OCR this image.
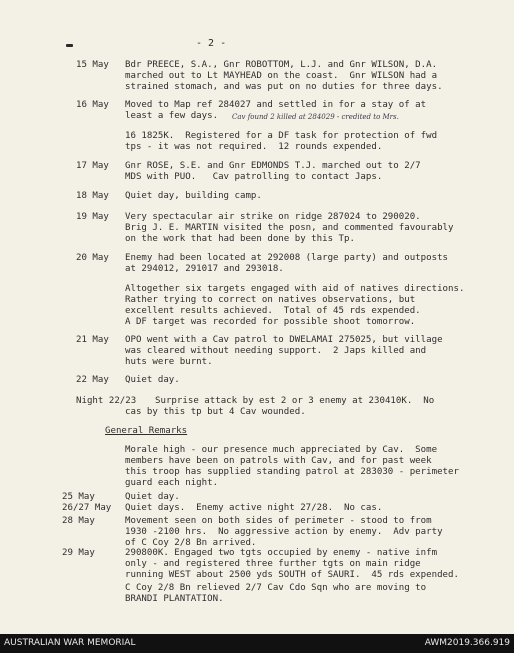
- 2 -
15 May Bdr PREECE, S.A., Gnr ROBOTTOM, L.J. and Gnr WILSON, D.A.
marched out to Lt MAYHEAD on the coast.  Gnr WILSON had a
strained stomach, and was put on no duties for three days.
16 May Moved to Map ref 284027 and settled in for a stay of at
least a few days. Cav found 2 killed at 284029 - credited to Mrs.
16 1825K.  Registered for a DF task for protection of fwd
tps - it was not required.  12 rounds expended.
17 May Gnr ROSE, S.E. and Gnr EDMONDS T.J. marched out to 2/7
MDS with PUO.   Cav patrolling to contact Japs.
18 May Quiet day, building camp.
19 May Very spectacular air strike on ridge 287024 to 290020.
Brig J. E. MARTIN visited the posn, and commented favourably
on the work that had been done by this Tp.
20 May Enemy had been located at 292008 (large party) and outposts
at 294012, 291017 and 293018.
Altogether six targets engaged with aid of natives directions.
Rather trying to correct on natives observations, but
excellent results achieved.  Total of 45 rds expended.
A DF target was recorded for possible shoot tomorrow.
21 May OPO went with a Cav patrol to DWELAMAI 275025, but village
was cleared without needing support.  2 Japs killed and
huts were burnt.
22 May Quiet day.
Night 22/23 Surprise attack by est 2 or 3 enemy at 230410K.  No
cas by this tp but 4 Cav wounded.
General Remarks
Morale high - our presence much appreciated by Cav.  Some
members have been on patrols with Cav, and for past week
this troop has supplied standing patrol at 283030 - perimeter
guard each night.
25 May	Quiet day.
26/27 May Quiet days.  Enemy active night 27/28.  No cas.
28 May	Movement seen on both sides of perimeter - stood to from
1930 -2100 hrs.  No aggressive action by enemy.  Adv party
of C Coy 2/8 Bn arrived.
29 May	290800K. Engaged two tgts occupied by enemy - native infm
only - and registered three further tgts on main ridge
running WEST about 2500 yds SOUTH of SAURI.  45 rds expended.
C Coy 2/8 Bn relieved 2/7 Cav Cdo Sqn who are moving to
BRANDI PLANTATION.
AUSTRALIAN WAR MEMORIAL	AWM2019.366.919
